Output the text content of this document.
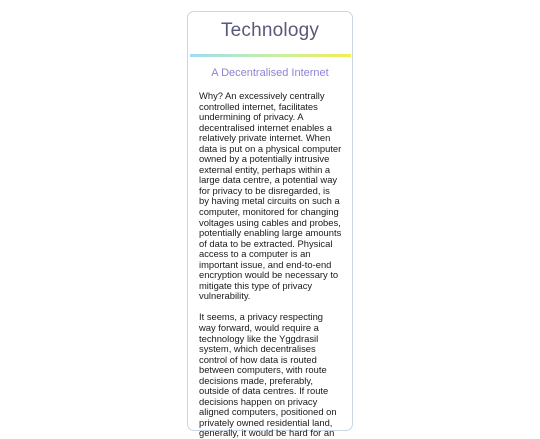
Technology
A Decentralised Internet

Why? An excessively centrally controlled internet, facilitates undermining of privacy. A decentralised internet enables a relatively private internet. When data is put on a physical computer owned by a potentially intrusive external entity, perhaps within a large data centre, a potential way for privacy to be disregarded, is by having metal circuits on such a computer, monitored for changing voltages using cables and probes, potentially enabling large amounts of data to be extracted. Physical access to a computer is an important issue, and end-to-end encryption would be necessary to mitigate this type of privacy vulnerability.

It seems, a privacy respecting way forward, would require a technology like the Yggdrasil system, which decentralises control of how data is routed between computers, with route decisions made, preferably, outside of data centres. If route decisions happen on privacy aligned computers, positioned on privately owned residential land, generally, it would be hard for an
